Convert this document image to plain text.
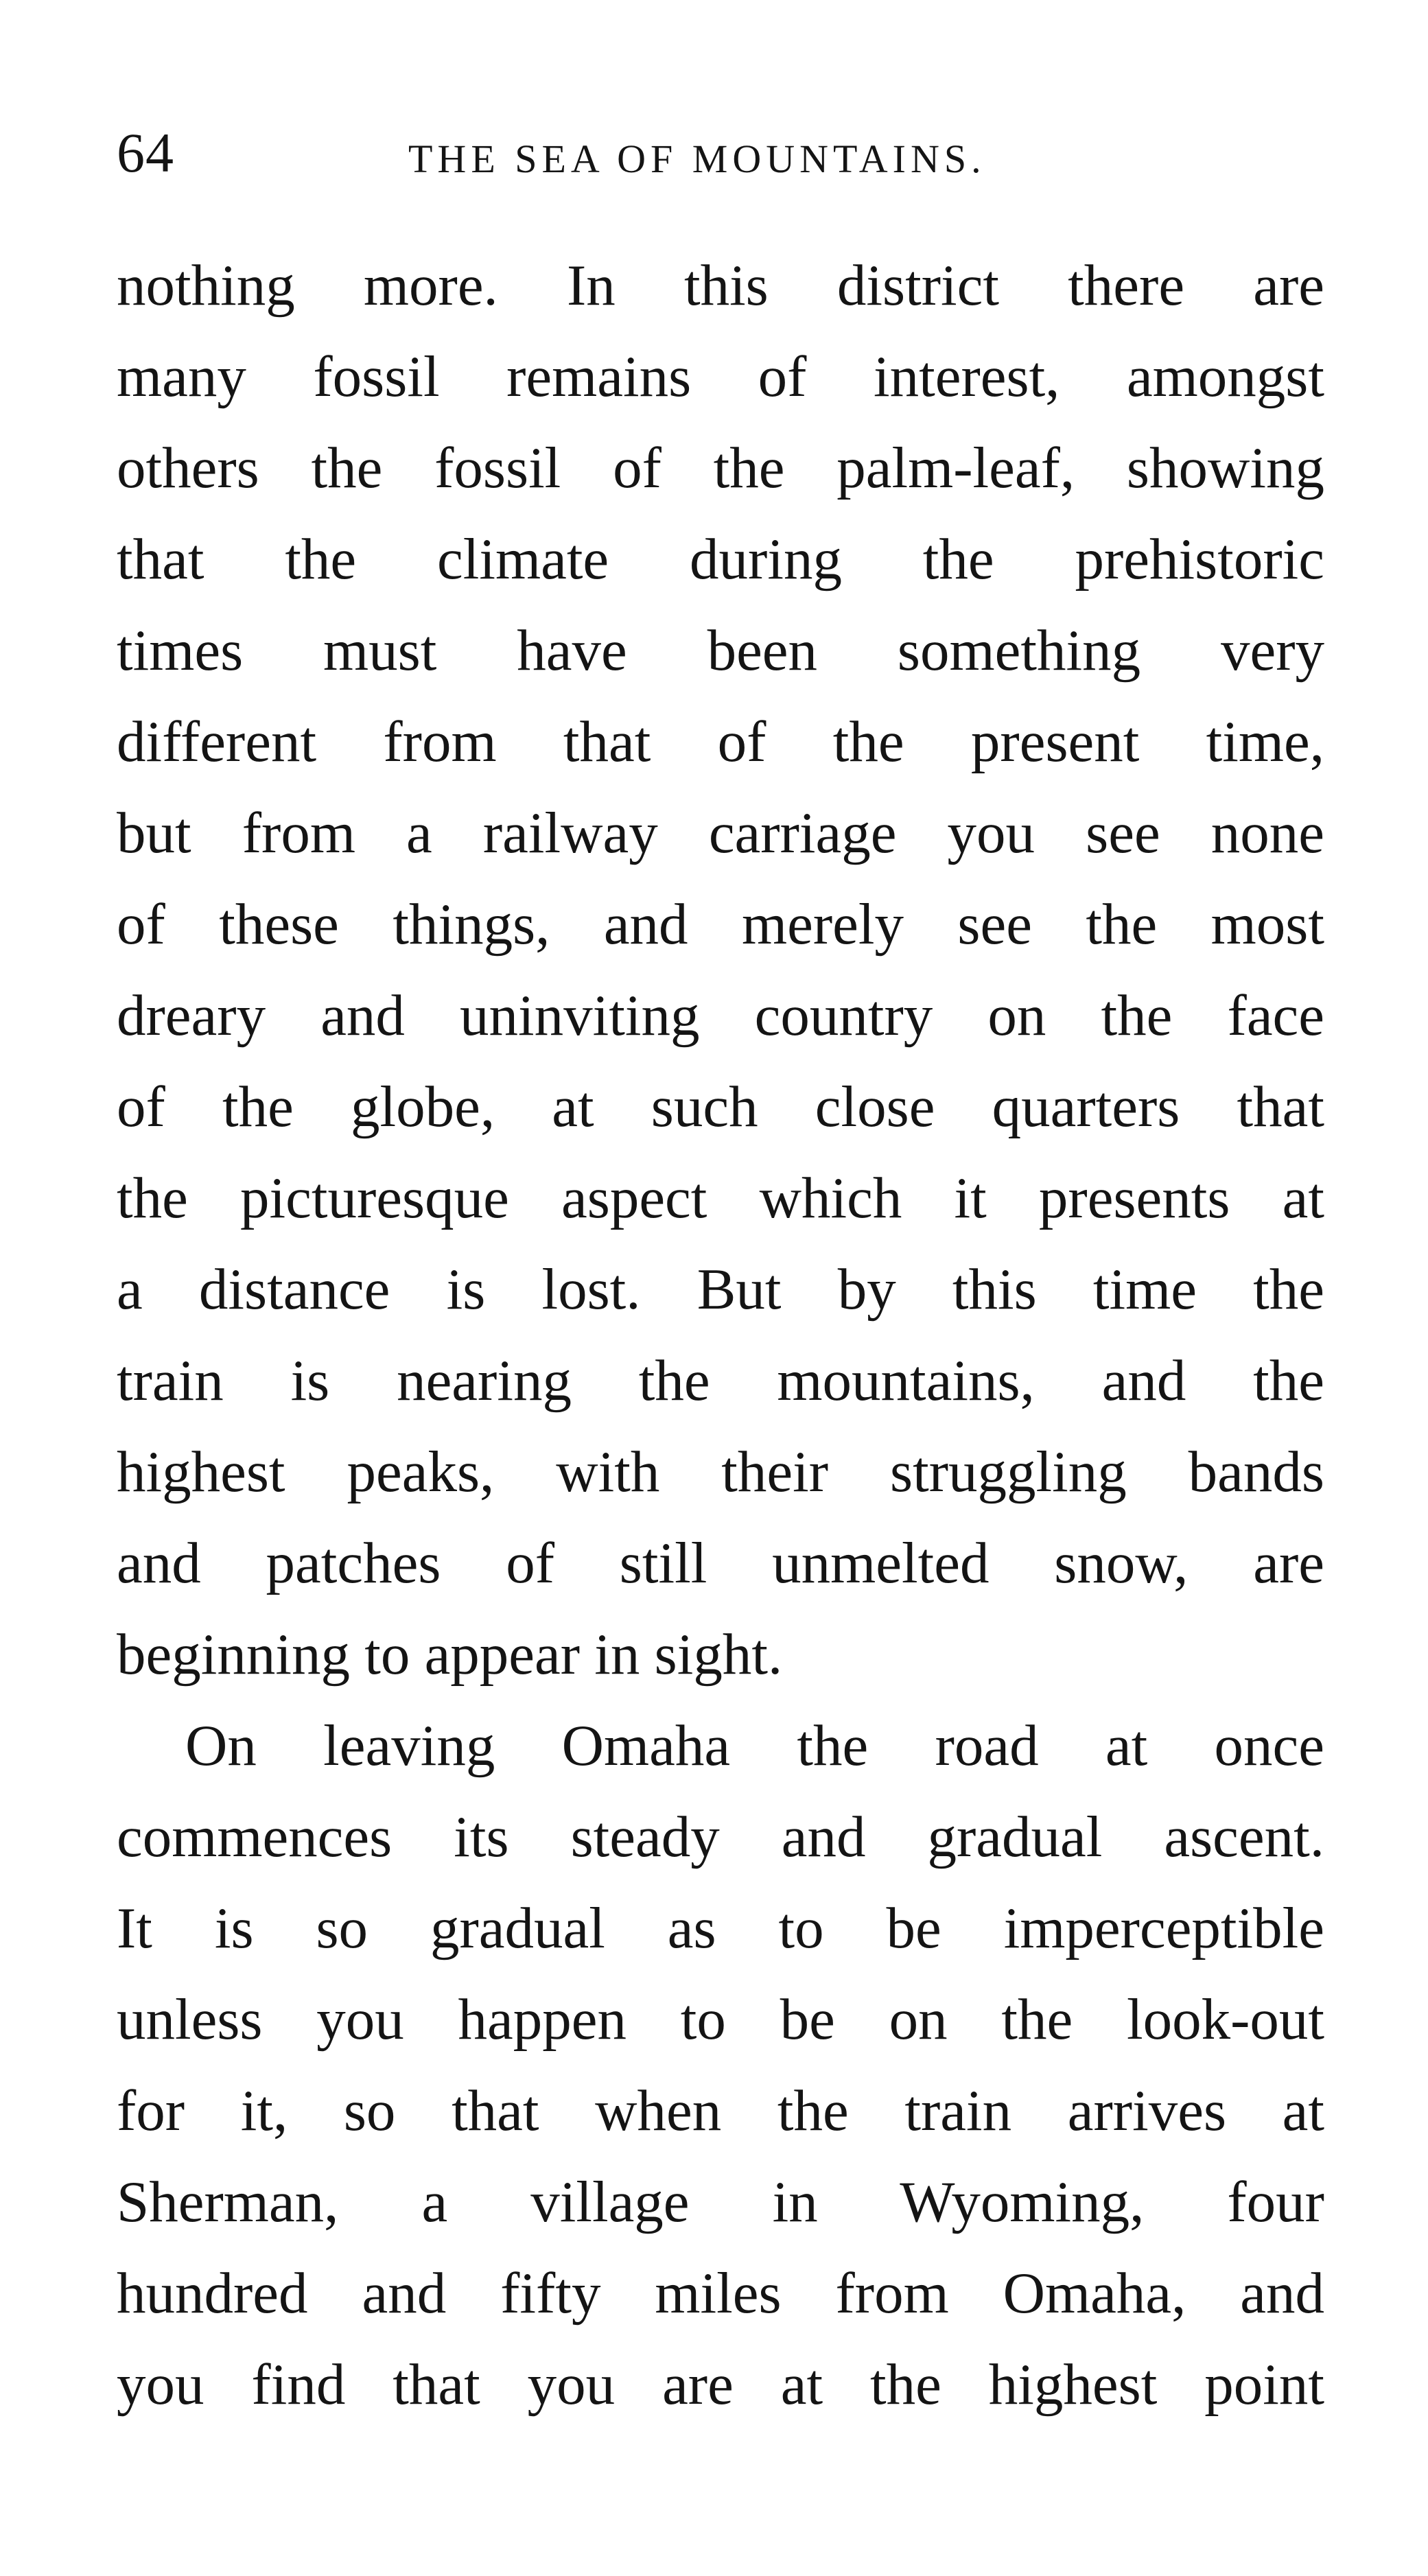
64	THE SEA OF MOUNTAINS.
nothing more. In this district there are
many fossil remains of interest, amongst
others the fossil of the palm-leaf, showing
that the climate during the prehistoric
times must have been something very
different from that of the present time,
but from a railway carriage you see none
of these things, and merely see the most
dreary and uninviting country on the face
of the globe, at such close quarters that
the picturesque aspect which it presents at
a distance is lost. But by this time the
train is nearing the mountains, and the
highest peaks, with their struggling bands
and patches of still unmelted snow, are
beginning to appear in sight.
On leaving Omaha the road at once
commences its steady and gradual ascent.
It is so gradual as to be imperceptible
unless you happen to be on the look-out
for it, so that when the train arrives at
Sherman, a village in Wyoming, four
hundred and fifty miles from Omaha, and
you find that you are at the highest point
